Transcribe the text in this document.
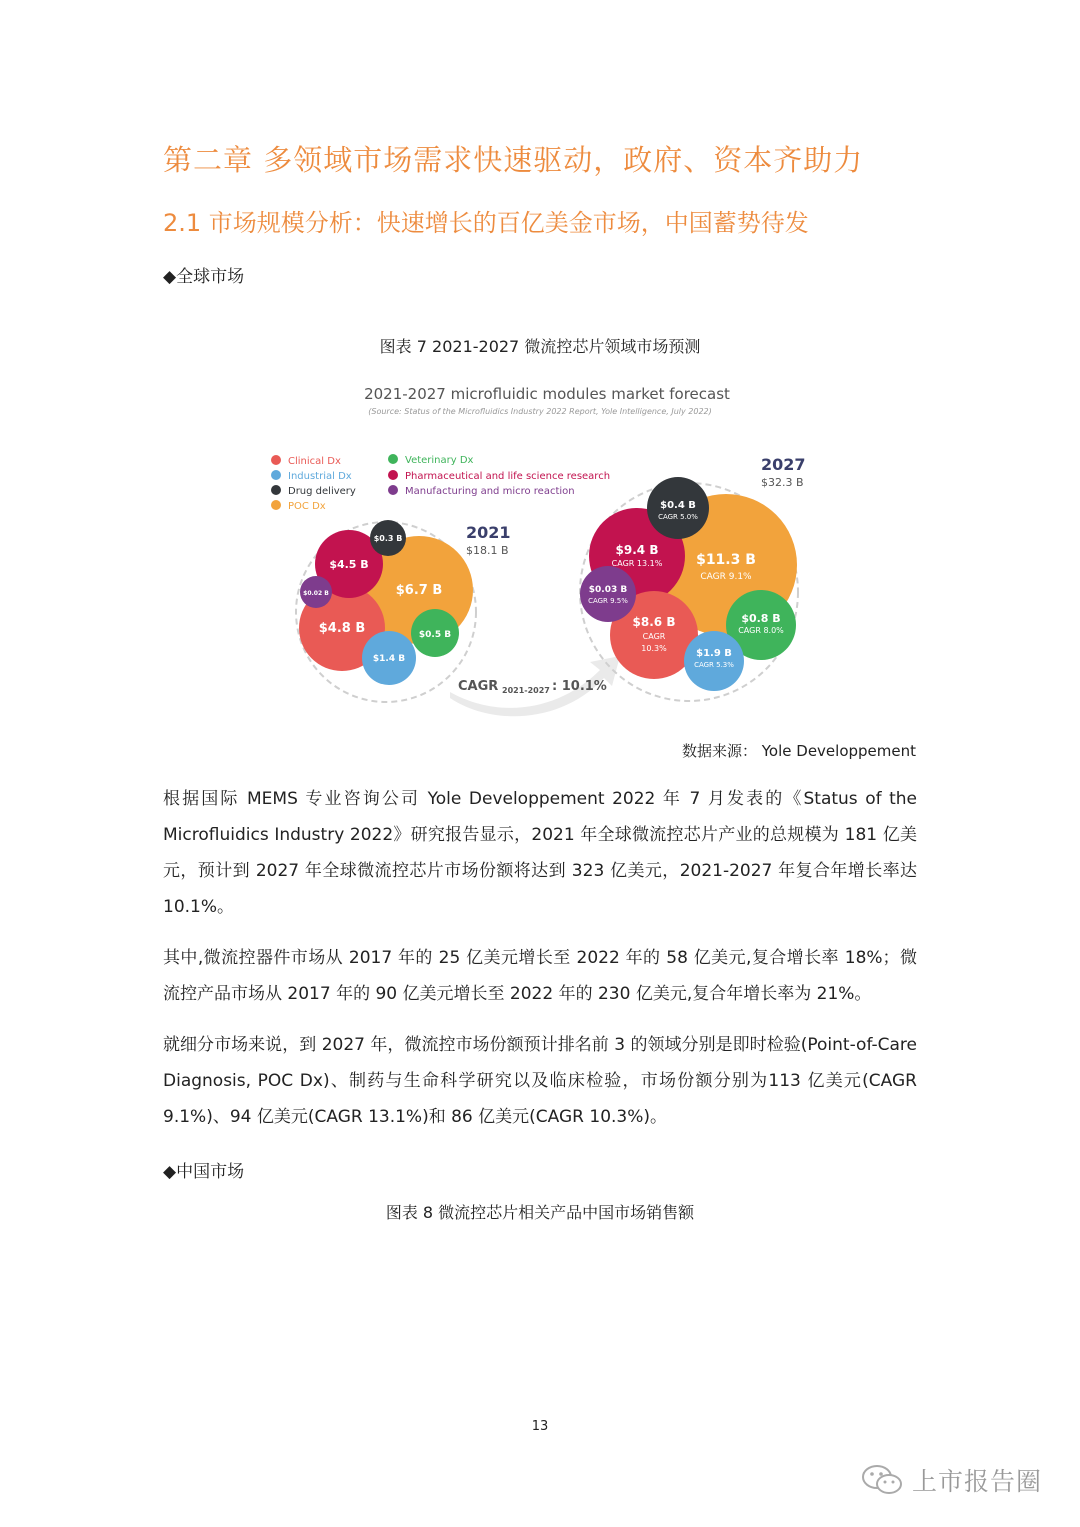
第二章 多领域市场需求快速驱动，政府、资本齐助力
2.1 市场规模分析：快速增长的百亿美金市场，中国蓄势待发
◆全球市场
图表 7 2021-2027 微流控芯片领域市场预测
2021-2027 microfluidic modules market forecast
(Source: Status of the Microfluidics Industry 2022 Report, Yole Intelligence, July 2022)
Clinical Dx
Industrial Dx
Drug delivery
POC Dx
Veterinary Dx
Pharmaceutical and life science research
Manufacturing and micro reaction
CAGR 2021-2027 : 10.1%
$6.7 B
$4.8 B
$4.5 B
$1.4 B
$0.5 B
$0.3 B
$0.02 B
2021
$18.1 B
$11.3 B
CAGR 9.1%
$9.4 B
CAGR 13.1%
$8.6 B
CAGR
10.3%
$0.8 B
CAGR 8.0%
$1.9 B
CAGR 5.3%
$0.4 B
CAGR 5.0%
$0.03 B
CAGR 9.5%
2027
$32.3 B
数据来源： Yole Developpement

根据国际 MEMS 专业咨询公司 Yole Developpement 2022 年 7 月发表的《Status of the Microfluidics Industry 2022》研究报告显示，2021 年全球微流控芯片产业的总规模为 181 亿美元，预计到 2027 年全球微流控芯片市场份额将达到 323 亿美元，2021-2027 年复合年增长率达 10.1%。

其中,微流控器件市场从 2017 年的 25 亿美元增长至 2022 年的 58 亿美元,复合增长率 18%；微流控产品市场从 2017 年的 90 亿美元增长至 2022 年的 230 亿美元,复合年增长率为 21%。

就细分市场来说，到 2027 年，微流控市场份额预计排名前 3 的领域分别是即时检验(Point-of-Care Diagnosis, POC Dx)、制药与生命科学研究以及临床检验，市场份额分别为113 亿美元(CAGR 9.1%)、94 亿美元(CAGR 13.1%)和 86 亿美元(CAGR 10.3%)。

◆中国市场
图表 8 微流控芯片相关产品中国市场销售额
13
上市报告圈
